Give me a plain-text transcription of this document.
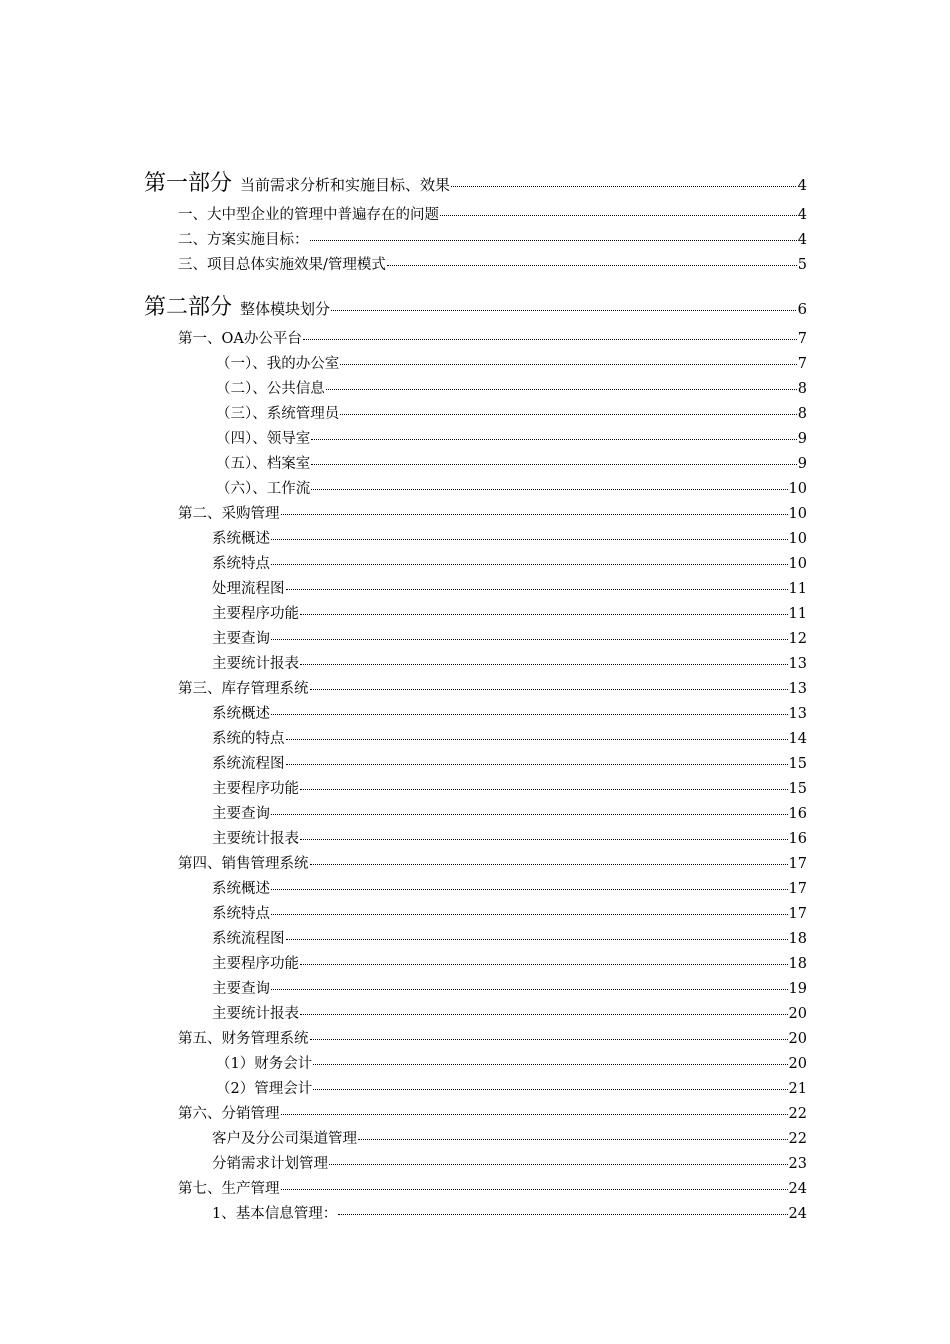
第一部分 当前需求分析和实施目标、效果	4
一、大中型企业的管理中普遍存在的问题	4
二、方案实施目标：	4
三、项目总体实施效果/管理模式	5
第二部分 整体模块划分	6
第一、OA办公平台	7
（一）、我的办公室	7
（二）、公共信息	8
（三）、系统管理员	8
（四）、领导室	9
（五）、档案室	9
（六）、工作流	10
第二、采购管理	10
系统概述	10
系统特点	10
处理流程图	11
主要程序功能	11
主要查询	12
主要统计报表	13
第三、库存管理系统	13
系统概述	13
系统的特点	14
系统流程图	15
主要程序功能	15
主要查询	16
主要统计报表	16
第四、销售管理系统	17
系统概述	17
系统特点	17
系统流程图	18
主要程序功能	18
主要查询	19
主要统计报表	20
第五、财务管理系统	20
（1）财务会计	20
（2）管理会计	21
第六、分销管理	22
客户及分公司渠道管理	22
分销需求计划管理	23
第七、生产管理	24
1、基本信息管理：	24
